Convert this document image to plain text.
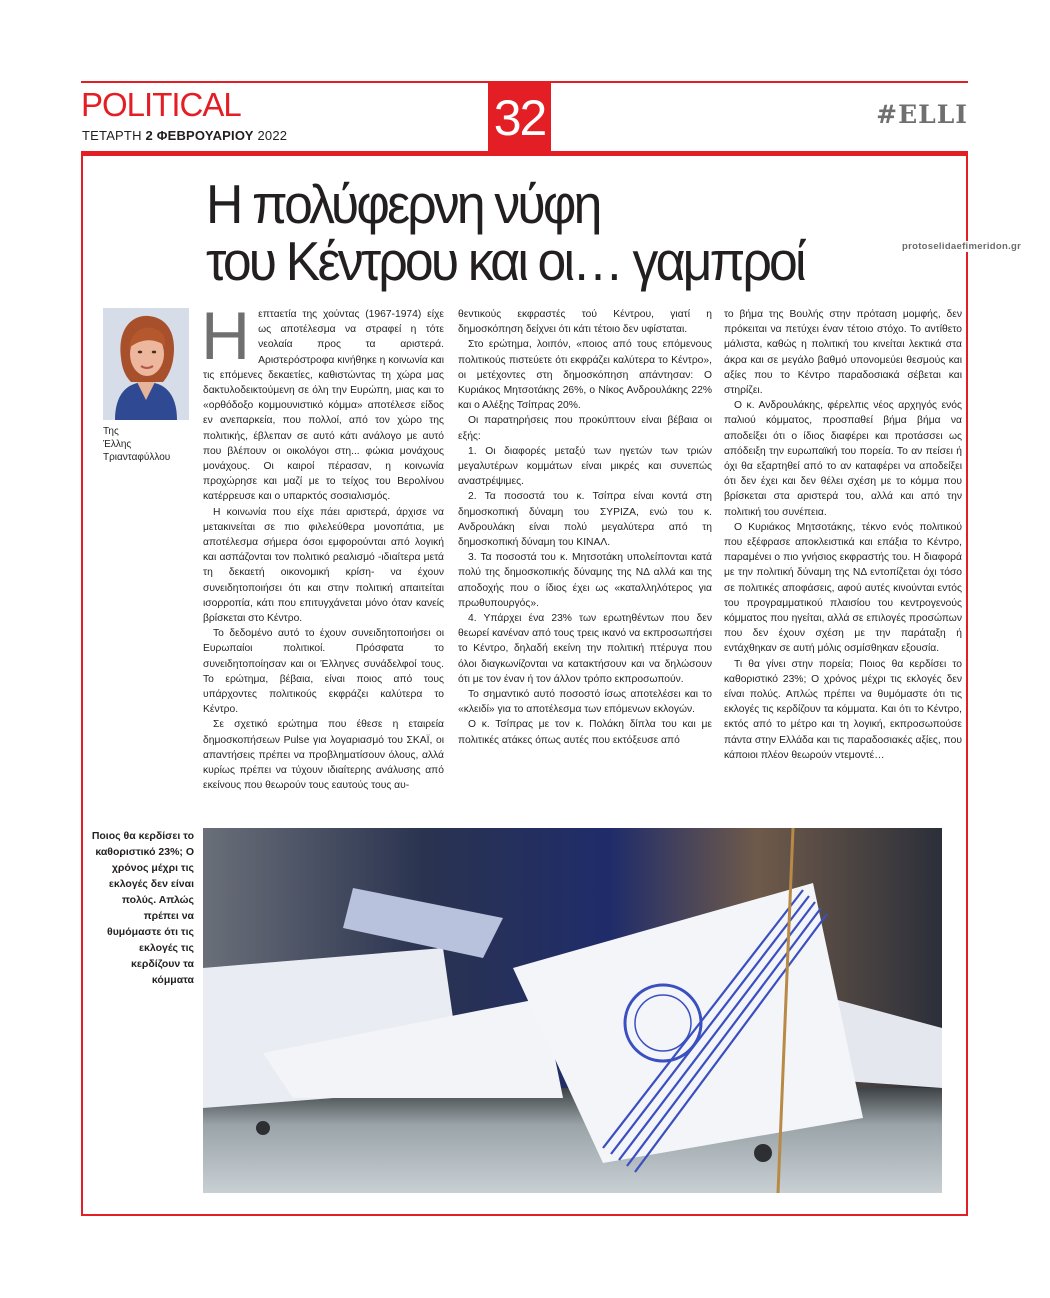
POLITICAL
ΤΕΤΑΡΤΗ 2 ΦΕΒΡΟΥΑΡΙΟΥ 2022	32	#ELLI
protoselidaefimeridon.gr
Η πολύφερνη νύφη
του Κέντρου και οι… γαμπροί
Της
Έλλης
Τριανταφύλλου
Η επταετία της χούντας (1967-1974) είχε ως αποτέλεσμα να στραφεί η τότε νεολαία προς τα αριστερά. Αριστερόστροφα κινήθηκε η κοινωνία και τις επόμενες δεκαετίες, καθιστώντας τη χώρα μας δακτυλοδεικτούμενη σε όλη την Ευρώπη, μιας και το «ορθόδοξο κομμουνιστικό κόμμα» αποτέλεσε είδος εν ανεπαρκεία, που πολλοί, από τον χώρο της πολιτικής, έβλεπαν σε αυτό κάτι ανάλογο με αυτό που βλέπουν οι οικολόγοι στη... φώκια μονάχους μονάχους. Οι καιροί πέρασαν, η κοινωνία προχώρησε και μαζί με το τείχος του Βερολίνου κατέρρευσε και ο υπαρκτός σοσιαλισμός.

Η κοινωνία που είχε πάει αριστερά, άρχισε να μετακινείται σε πιο φιλελεύθερα μονοπάτια, με αποτέλεσμα σήμερα όσοι εμφορούνται από λογική και ασπάζονται τον πολιτικό ρεαλισμό -ιδιαίτερα μετά τη δεκαετή οικονομική κρίση- να έχουν συνειδητοποιήσει ότι και στην πολιτική απαιτείται ισορροπία, κάτι που επιτυγχάνεται μόνο όταν κανείς βρίσκεται στο Κέντρο.

Το δεδομένο αυτό το έχουν συνειδητοποιήσει οι Ευρωπαίοι πολιτικοί. Πρόσφατα το συνειδητοποίησαν και οι Έλληνες συνάδελφοί τους. Το ερώτημα, βέβαια, είναι ποιος από τους υπάρχοντες πολιτικούς εκφράζει καλύτερα το Κέντρο.

Σε σχετικό ερώτημα που έθεσε η εταιρεία δημοσκοπήσεων Pulse για λογαριασμό του ΣΚΑΪ, οι απαντήσεις πρέπει να προβληματίσουν όλους, αλλά κυρίως πρέπει να τύχουν ιδιαίτερης ανάλυσης από εκείνους που θεωρούν τους εαυτούς τους αυ-

θεντικούς εκφραστές τού Κέντρου, γιατί η δημοσκόπηση δείχνει ότι κάτι τέτοιο δεν υφίσταται.

Στο ερώτημα, λοιπόν, «ποιος από τους επόμενους πολιτικούς πιστεύετε ότι εκφράζει καλύτερα το Κέντρο», οι μετέχοντες στη δημοσκόπηση απάντησαν: Ο Κυριάκος Μητσοτάκης 26%, ο Νίκος Ανδρουλάκης 22% και ο Αλέξης Τσίπρας 20%.

Οι παρατηρήσεις που προκύπτουν είναι βέβαια οι εξής:

1. Οι διαφορές μεταξύ των ηγετών των τριών μεγαλυτέρων κομμάτων είναι μικρές και συνεπώς αναστρέψιμες.

2. Τα ποσοστά του κ. Τσίπρα είναι κοντά στη δημοσκοπική δύναμη του ΣΥΡΙΖΑ, ενώ του κ. Ανδρουλάκη είναι πολύ μεγαλύτερα από τη δημοσκοπική δύναμη του ΚΙΝΑΛ.

3. Τα ποσοστά του κ. Μητσοτάκη υπολείπονται κατά πολύ της δημοσκοπικής δύναμης της ΝΔ αλλά και της αποδοχής που ο ίδιος έχει ως «καταλληλότερος για πρωθυπουργός».

4. Υπάρχει ένα 23% των ερωτηθέντων που δεν θεωρεί κανέναν από τους τρεις ικανό να εκπροσωπήσει το Κέντρο, δηλαδή εκείνη την πολιτική πτέρυγα που όλοι διαγκωνίζονται να κατακτήσουν και να δηλώσουν ότι με τον έναν ή τον άλλον τρόπο εκπροσωπούν.

Το σημαντικό αυτό ποσοστό ίσως αποτελέσει και το «κλειδί» για το αποτέλεσμα των επόμενων εκλογών.

Ο κ. Τσίπρας με τον κ. Πολάκη δίπλα του και με πολιτικές ατάκες όπως αυτές που εκτόξευσε από

το βήμα της Βουλής στην πρόταση μομφής, δεν πρόκειται να πετύχει έναν τέτοιο στόχο. Το αντίθετο μάλιστα, καθώς η πολιτική του κινείται λεκτικά στα άκρα και σε μεγάλο βαθμό υπονομεύει θεσμούς και αξίες που το Κέντρο παραδοσιακά σέβεται και στηρίζει.

Ο κ. Ανδρουλάκης, φέρελπις νέος αρχηγός ενός παλιού κόμματος, προσπαθεί βήμα βήμα να αποδείξει ότι ο ίδιος διαφέρει και προτάσσει ως απόδειξη την ευρωπαϊκή του πορεία. Το αν πείσει ή όχι θα εξαρτηθεί από το αν καταφέρει να αποδείξει ότι δεν έχει και δεν θέλει σχέση με το κόμμα που βρίσκεται στα αριστερά του, αλλά και από την πολιτική του συνέπεια.

Ο Κυριάκος Μητσοτάκης, τέκνο ενός πολιτικού που εξέφρασε αποκλειστικά και επάξια το Κέντρο, παραμένει ο πιο γνήσιος εκφραστής του. Η διαφορά με την πολιτική δύναμη της ΝΔ εντοπίζεται όχι τόσο σε πολιτικές αποφάσεις, αφού αυτές κινούνται εντός του προγραμματικού πλαισίου του κεντρογενούς κόμματος που ηγείται, αλλά σε επιλογές προσώπων που δεν έχουν σχέση με την παράταξη ή εντάχθηκαν σε αυτή μόλις οσμίσθηκαν εξουσία.

Τι θα γίνει στην πορεία; Ποιος θα κερδίσει το καθοριστικό 23%; Ο χρόνος μέχρι τις εκλογές δεν είναι πολύς. Απλώς πρέπει να θυμόμαστε ότι τις εκλογές τις κερδίζουν τα κόμματα. Και ότι το Κέντρο, εκτός από το μέτρο και τη λογική, εκπροσωπούσε πάντα στην Ελλάδα και τις παραδοσιακές αξίες, που κάποιοι πλέον θεωρούν ντεμοντέ…

Ποιος θα κερδίσει το καθοριστικό 23%; Ο χρόνος μέχρι τις εκλογές δεν είναι πολύς. Απλώς πρέπει να θυμόμαστε ότι τις εκλογές τις κερδίζουν τα κόμματα
